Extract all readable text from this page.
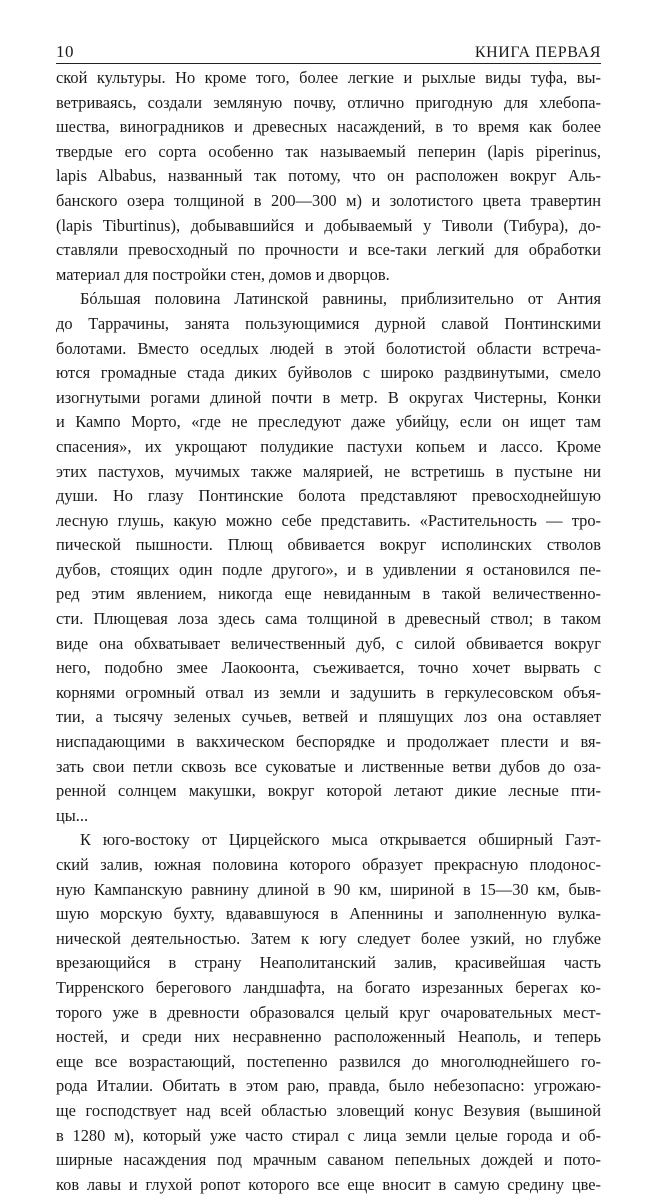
10	КНИГА ПЕРВАЯ
ской культуры. Но кроме того, более легкие и рыхлые виды туфа, вы-
ветриваясь, создали земляную почву, отлично пригодную для хлебопа-
шества, виноградников и древесных насаждений, в то время как более
твердые его сорта особенно так называемый пеперин (lapis piperinus,
lapis Albabus, названный так потому, что он расположен вокруг Аль-
банского озера толщиной в 200—300 м) и золотистого цвета травертин
(lapis Tiburtinus), добывавшийся и добываемый у Тиволи (Тибура), до-
ставляли превосходный по прочности и все-таки легкий для обработки
материал для постройки стен, домов и дворцов.
Бóльшая половина Латинской равнины, приблизительно от Антия
до Таррачины, занята пользующимися дурной славой Понтинскими
болотами. Вместо оседлых людей в этой болотистой области встреча-
ются громадные стада диких буйволов с широко раздвинутыми, смело
изогнутыми рогами длиной почти в метр. В округах Чистерны, Конки
и Кампо Морто, «где не преследуют даже убийцу, если он ищет там
спасения», их укрощают полудикие пастухи копьем и лассо. Кроме
этих пастухов, мучимых также малярией, не встретишь в пустыне ни
души. Но глазу Понтинские болота представляют превосходнейшую
лесную глушь, какую можно себе представить. «Растительность — тро-
пической пышности. Плющ обвивается вокруг исполинских стволов
дубов, стоящих один подле другого», и в удивлении я остановился пе-
ред этим явлением, никогда еще невиданным в такой величественно-
сти. Плющевая лоза здесь сама толщиной в древесный ствол; в таком
виде она обхватывает величественный дуб, с силой обвивается вокруг
него, подобно змее Лаокоонта, съеживается, точно хочет вырвать с
корнями огромный отвал из земли и задушить в геркулесовском объя-
тии, а тысячу зеленых сучьев, ветвей и пляшущих лоз она оставляет
ниспадающими в вакхическом беспорядке и продолжает плести и вя-
зать свои петли сквозь все суковатые и лиственные ветви дубов до оза-
ренной солнцем макушки, вокруг которой летают дикие лесные пти-
цы...
К юго-востоку от Цирцейского мыса открывается обширный Гаэт-
ский залив, южная половина которого образует прекрасную плодонос-
ную Кампанскую равнину длиной в 90 км, шириной в 15—30 км, быв-
шую морскую бухту, вдававшуюся в Апеннины и заполненную вулка-
нической деятельностью. Затем к югу следует более узкий, но глубже
врезающийся в страну Неаполитанский залив, красивейшая часть
Тирренского берегового ландшафта, на богато изрезанных берегах ко-
торого уже в древности образовался целый круг очаровательных мест-
ностей, и среди них несравненно расположенный Неаполь, и теперь
еще все возрастающий, постепенно развился до многолюднейшего го-
рода Италии. Обитать в этом раю, правда, было небезопасно: угрожаю-
ще господствует над всей областью зловещий конус Везувия (вышиной
в 1280 м), который уже часто стирал с лица земли целые города и об-
ширные насаждения под мрачным саваном пепельных дождей и пото-
ков лавы и глухой ропот которого все еще вносит в самую средину цве-
